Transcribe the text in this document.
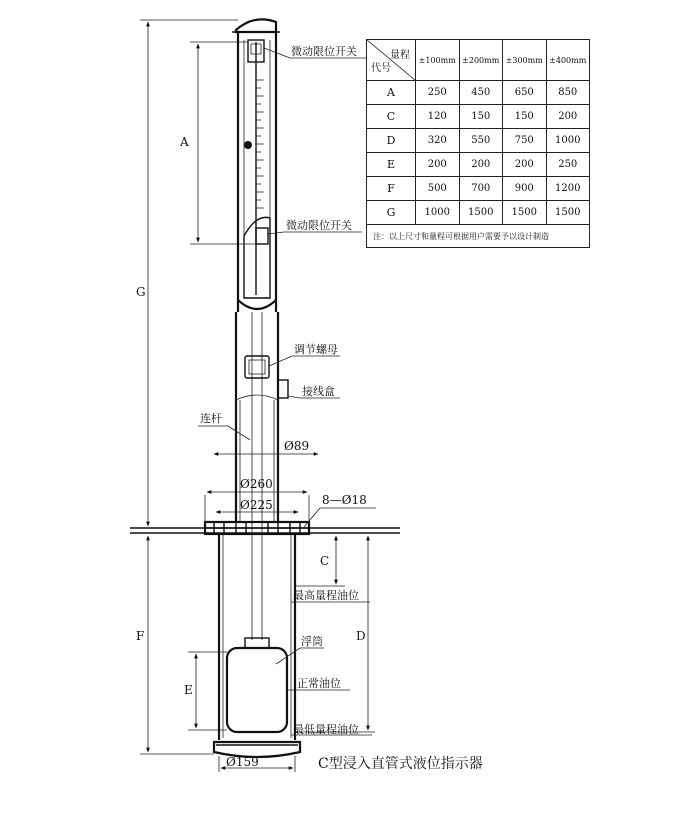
G
A
F
E
C
D
Ø89
Ø260
Ø225	8—Ø18
Ø159
微动限位开关
微动限位开关
调节螺母
接线盒
连杆
最高量程油位
浮筒
正常油位
最低量程油位
C型浸入直管式液位指示器
量程
代号	±100mm	±200mm	±300mm	±400mm
A	250	450	650	850
C	120	150	150	200
D	320	550	750	1000
E	200	200	200	250
F	500	700	900	1200
G	1000	1500	1500	1500
注：以上尺寸和量程可根据用户需要予以设计制造				
